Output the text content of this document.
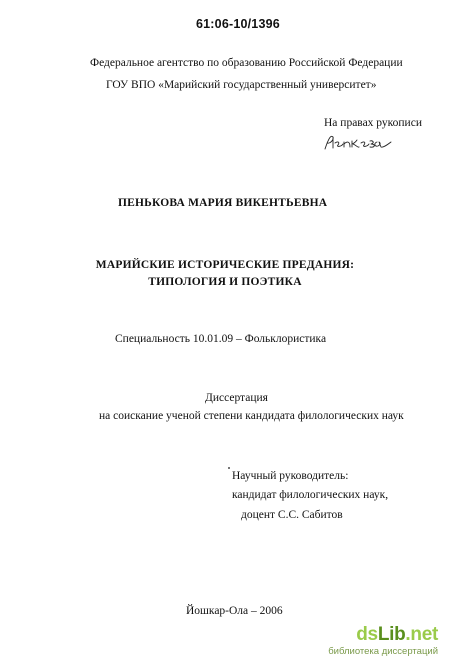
61:06-10/1396
Федеральное агентство по образованию Российской Федерации
ГОУ ВПО «Марийский государственный университет»
На правах рукописи
ПЕНЬКОВА МАРИЯ ВИКЕНТЬЕВНА
МАРИЙСКИЕ ИСТОРИЧЕСКИЕ ПРЕДАНИЯ:
ТИПОЛОГИЯ И ПОЭТИКА
Специальность 10.01.09 – Фольклористика
Диссертация
на соискание ученой степени кандидата филологических наук
Научный руководитель:
кандидат филологических наук,
доцент С.С. Сабитов
Йошкар-Ола – 2006
dsLib.net
библиотека диссертаций
